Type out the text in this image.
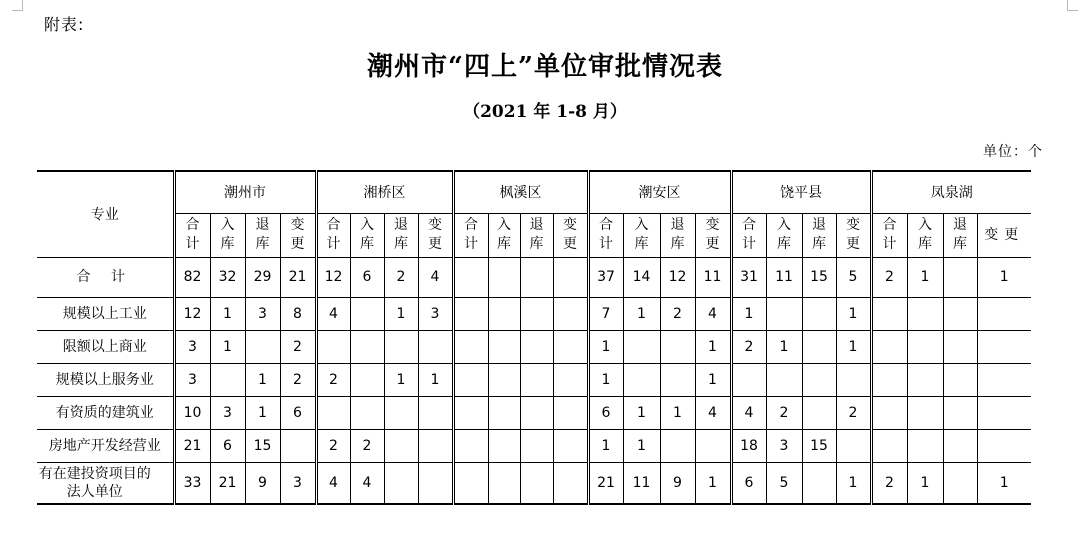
附表:
潮州市“四上”单位审批情况表
（2021 年 1-8 月）
单位：个
专业	潮州市				湘桥区				枫溪区				潮安区				饶平县				凤泉湖			
	合计	入库	退库	变更	合计	入库	退库	变更	合计	入库	退库	变更	合计	入库	退库	变更	合计	入库	退库	变更	合计	入库	退库	变更
合 计	82	32	29	21	12	6	2	4					37	14	12	11	31	11	15	5	2	1		1
规模以上工业	12	1	3	8	4		1	3					7	1	2	4	1			1				
限额以上商业	3	1		2									1			1	2	1		1				
规模以上服务业	3		1	2	2		1	1					1			1								
有资质的建筑业	10	3	1	6									6	1	1	4	4	2		2				
房地产开发经营业	21	6	15		2	2							1	1			18	3	15					
有在建投资项目的法人单位	33	21	9	3	4	4							21	11	9	1	6	5		1	2	1		1
